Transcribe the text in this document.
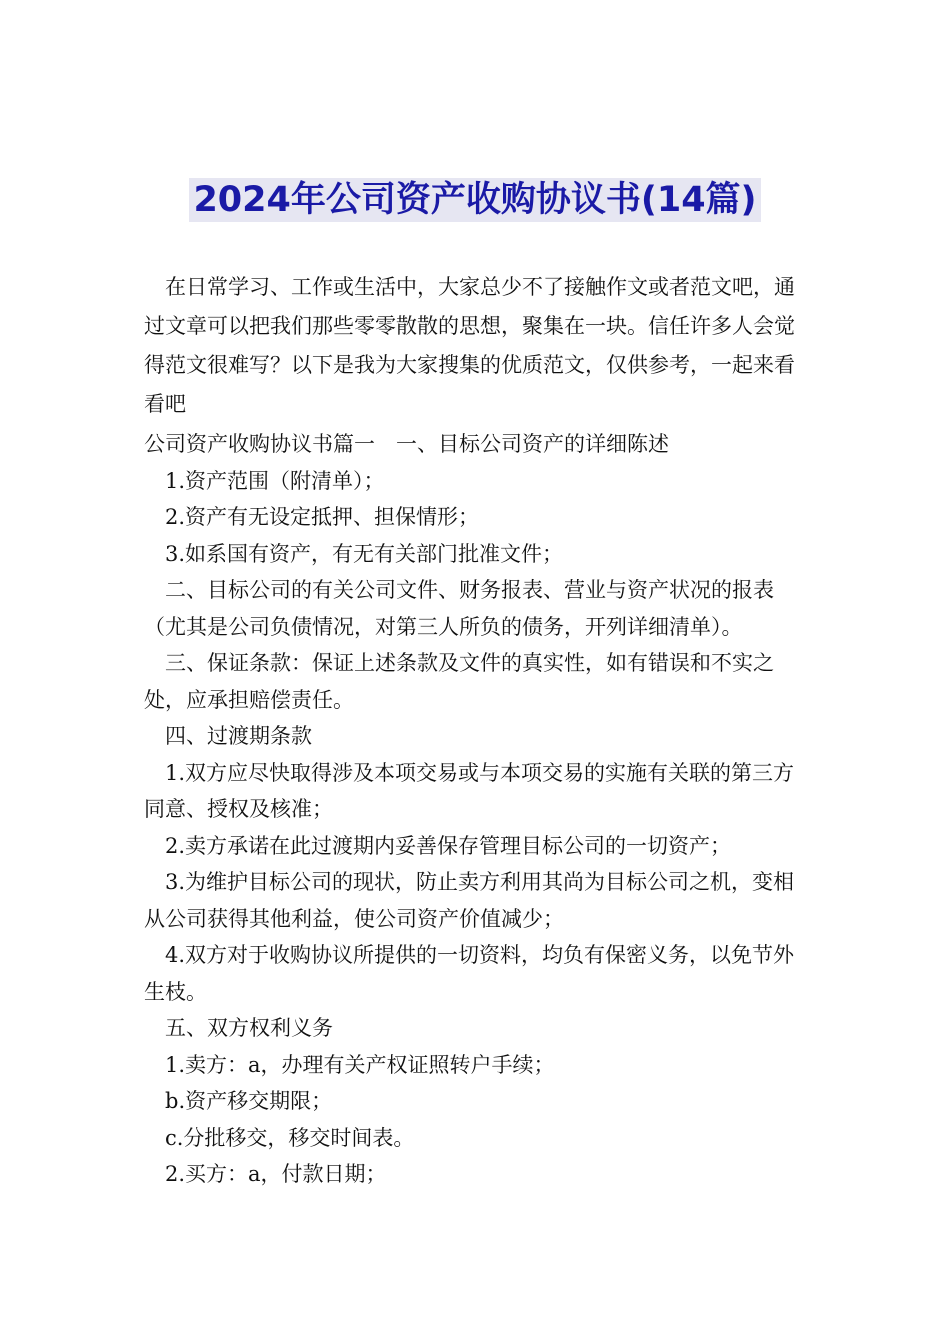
2024年公司资产收购协议书(14篇)

在日常学习、工作或生活中，大家总少不了接触作文或者范文吧，通过文章可以把我们那些零零散散的思想，聚集在一块。信任许多人会觉得范文很难写？以下是我为大家搜集的优质范文，仅供参考，一起来看看吧

公司资产收购协议书篇一　一、目标公司资产的详细陈述

1.资产范围（附清单）；

2.资产有无设定抵押、担保情形；

3.如系国有资产，有无有关部门批准文件；

二、目标公司的有关公司文件、财务报表、营业与资产状况的报表（尤其是公司负债情况，对第三人所负的债务，开列详细清单）。

三、保证条款：保证上述条款及文件的真实性，如有错误和不实之处，应承担赔偿责任。

四、过渡期条款

1.双方应尽快取得涉及本项交易或与本项交易的实施有关联的第三方同意、授权及核准；

2.卖方承诺在此过渡期内妥善保存管理目标公司的一切资产；

3.为维护目标公司的现状，防止卖方利用其尚为目标公司之机，变相从公司获得其他利益，使公司资产价值减少；

4.双方对于收购协议所提供的一切资料，均负有保密义务，以免节外生枝。

五、双方权利义务

1.卖方：a，办理有关产权证照转户手续；

b.资产移交期限；

c.分批移交，移交时间表。

2.买方：a，付款日期；
